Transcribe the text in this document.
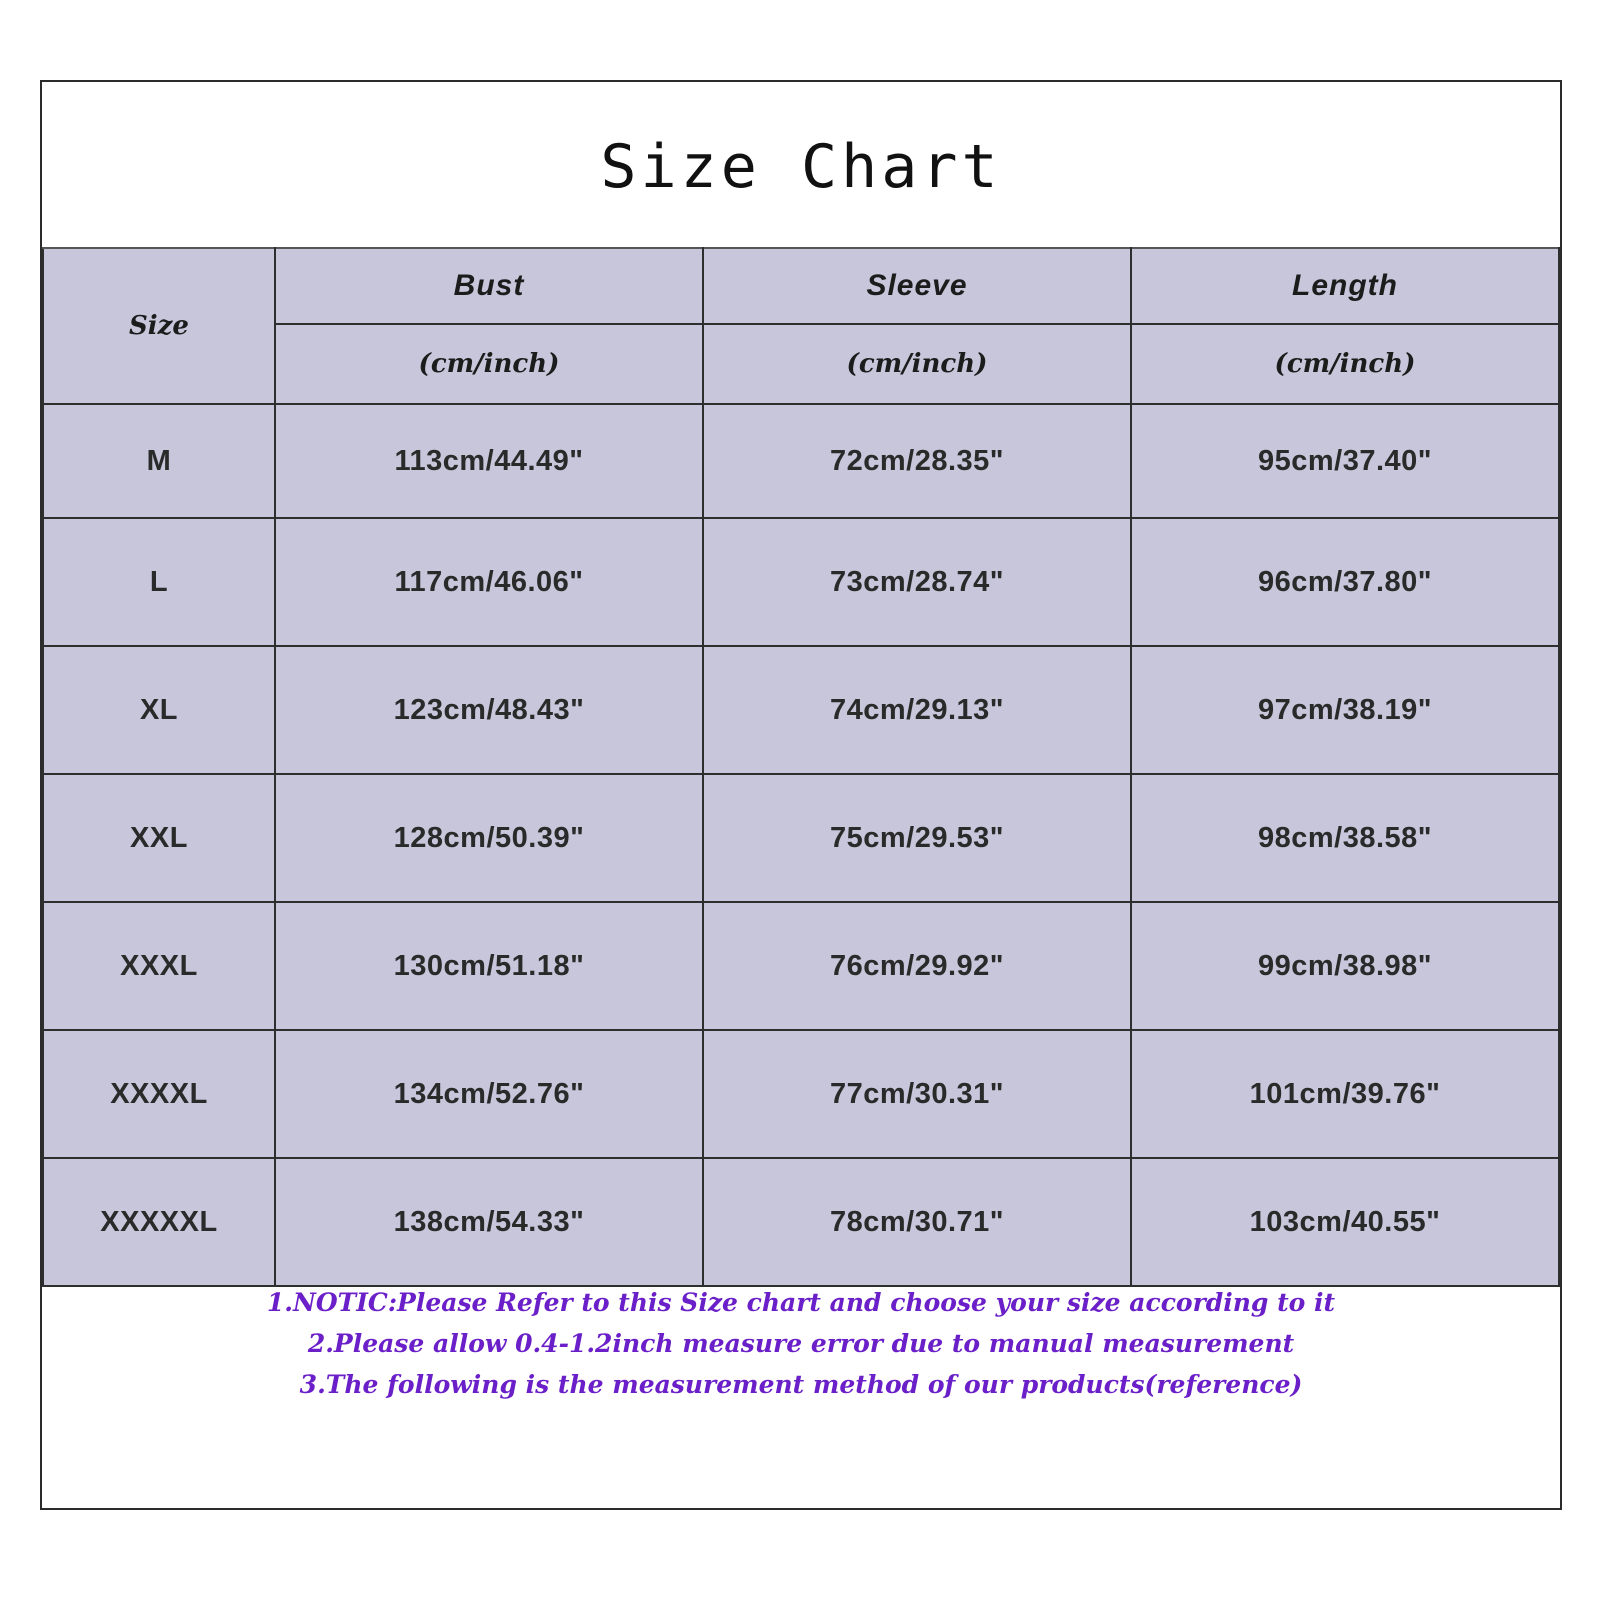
Size Chart
Size	Bust	Sleeve	Length
	(cm/inch)	(cm/inch)	(cm/inch)
M	113cm/44.49"	72cm/28.35"	95cm/37.40"
L	117cm/46.06"	73cm/28.74"	96cm/37.80"
XL	123cm/48.43"	74cm/29.13"	97cm/38.19"
XXL	128cm/50.39"	75cm/29.53"	98cm/38.58"
XXXL	130cm/51.18"	76cm/29.92"	99cm/38.98"
XXXXL	134cm/52.76"	77cm/30.31"	101cm/39.76"
XXXXXL	138cm/54.33"	78cm/30.71"	103cm/40.55"
1.NOTIC:Please Refer to this Size chart and choose your size according to it
2.Please allow 0.4-1.2inch measure error due to manual measurement
3.The following is the measurement method of our products(reference)
